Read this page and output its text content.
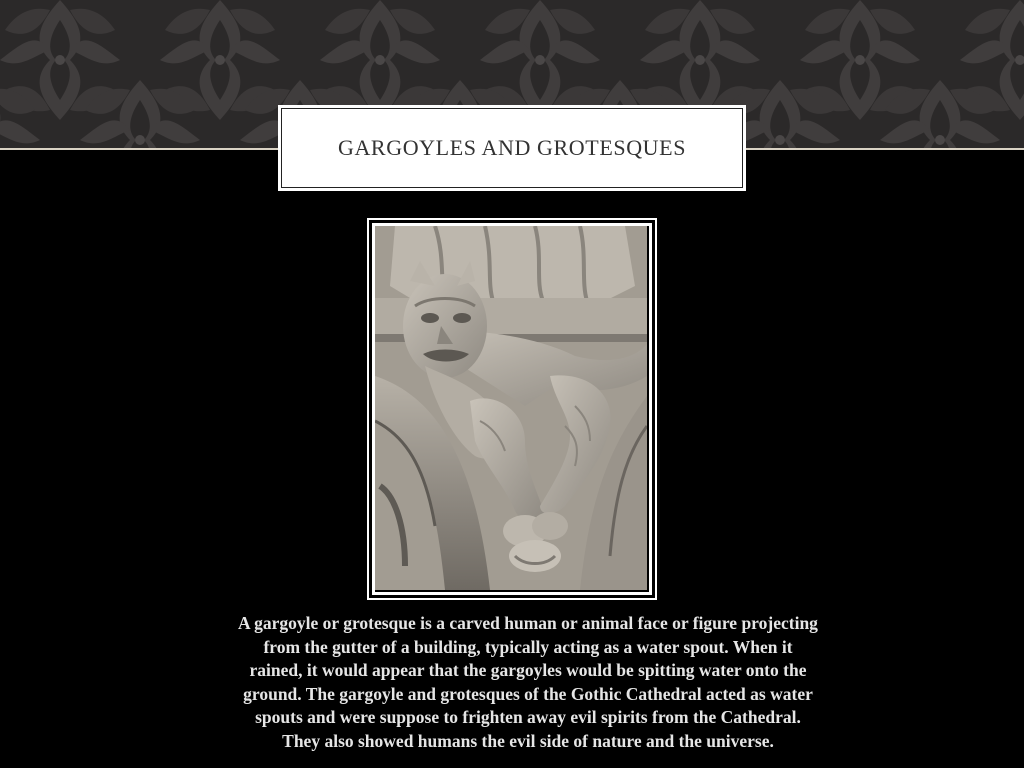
GARGOYLES AND GROTESQUES
A gargoyle or grotesque is a carved human or animal face or figure projecting
from the gutter of a building, typically acting as a water spout. When it
rained, it would appear that the gargoyles would be spitting water onto the
ground. The gargoyle and grotesques of the Gothic Cathedral acted as water
spouts and were suppose to frighten away evil spirits from the Cathedral.
They also showed humans the evil side of nature and the universe.
